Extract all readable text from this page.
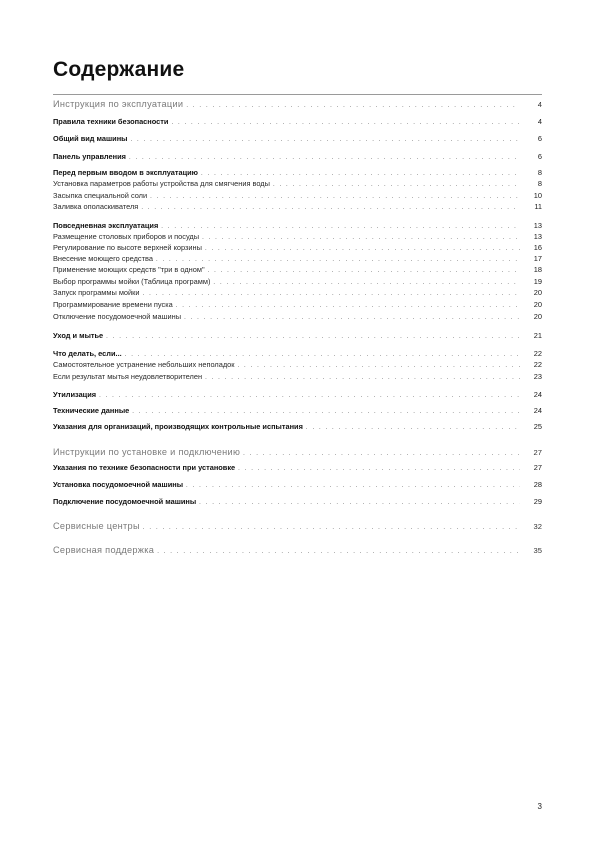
Содержание
Инструкция по эксплуатации . . .	4
Правила техники безопасности . . .	4
Общий вид машины . . .	6
Панель управления . . .	6
Перед первым вводом в эксплуатацию . . .	8
Установка параметров работы устройства для смягчения воды . . .	8
Засыпка специальной соли . . .	10
Заливка ополаскивателя . . .	11
Повседневная эксплуатация . . .	13
Размещение столовых приборов и посуды . . .	13
Регулирование по высоте верхней корзины . . .	16
Внесение моющего средства . . .	17
Применение моющих средств "три в одном" . . .	18
Выбор программы мойки (Таблица программ) . . .	19
Запуск программы мойки . . .	20
Программирование времени пуска . . .	20
Отключение посудомоечной машины . . .	20
Уход и мытье . . .	21
Что делать, если... . . .	22
Самостоятельное устранение небольших неполадок . . .	22
Если результат мытья неудовлетворителен . . .	23
Утилизация . . .	24
Технические данные . . .	24
Указания для организаций, производящих контрольные испытания . . .	25
Инструкции по установке и подключению . . .	27
Указания по технике безопасности при установке . . .	27
Установка посудомоечной машины . . .	28
Подключение посудомоечной машины . . .	29
Сервисные центры . . .	32
Сервисная поддержка . . .	35
3
